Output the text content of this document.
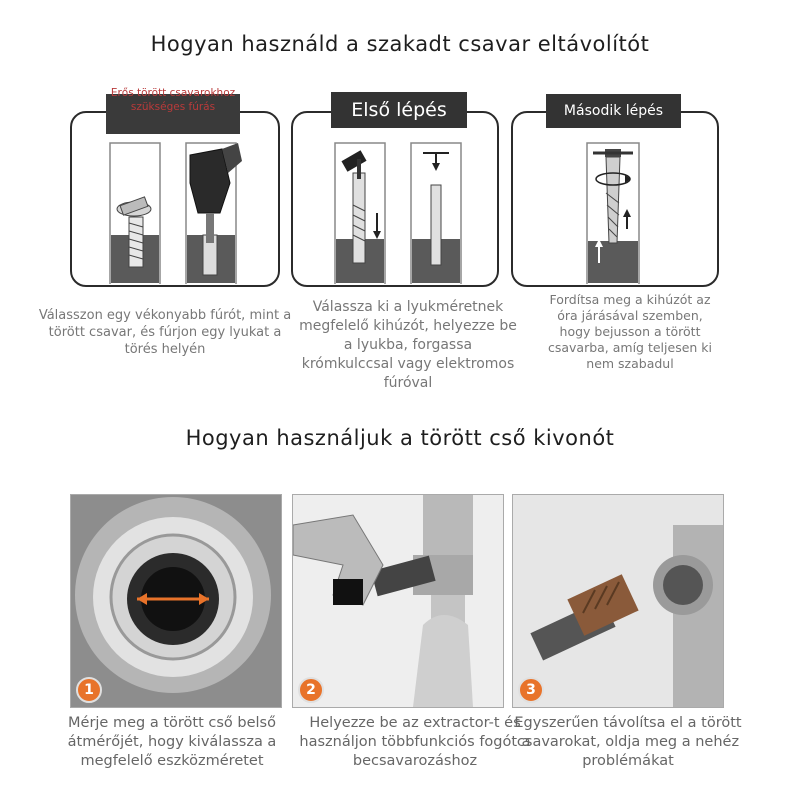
Hogyan használd a szakadt csavar eltávolítót
Erős törött csavarokhoz szükséges fúrás	Első lépés	Második lépés
Válasszon egy vékonyabb fúrót, mint a törött csavar, és fúrjon egy lyukat a törés helyén
Válassza ki a lyukméretnek megfelelő kihúzót, helyezze be a lyukba, forgassa krómkulccsal vagy elektromos fúróval
Fordítsa meg a kihúzót az óra járásával szemben, hogy bejusson a törött csavarba, amíg teljesen ki nem szabadul
Hogyan használjuk a törött cső kivonót
1	2	3
Mérje meg a törött cső belső átmérőjét, hogy kiválassza a megfelelő eszközméretet
Helyezze be az extractor-t és használjon többfunkciós fogót a becsavarozáshoz
Egyszerűen távolítsa el a törött csavarokat, oldja meg a nehéz problémákat
